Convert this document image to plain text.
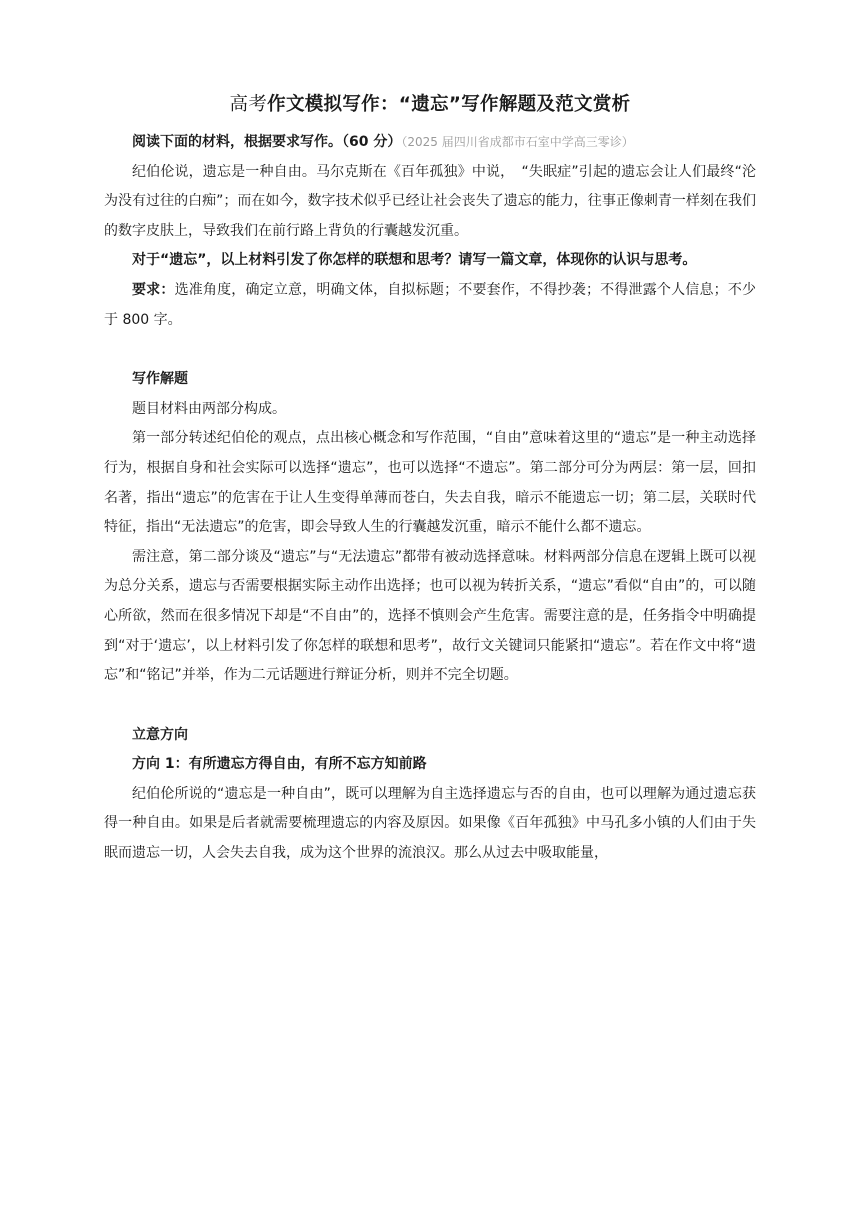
高考作文模拟写作：“遗忘”写作解题及范文赏析

阅读下面的材料，根据要求写作。（60 分）（2025 届四川省成都市石室中学高三零诊）

纪伯伦说，遗忘是一种自由。马尔克斯在《百年孤独》中说，　“失眠症”引起的遗忘会让人们最终“沦为没有过往的白痴”；而在如今，数字技术似乎已经让社会丧失了遗忘的能力，往事正像刺青一样刻在我们的数字皮肤上，导致我们在前行路上背负的行囊越发沉重。

对于“遗忘”，以上材料引发了你怎样的联想和思考？请写一篇文章，体现你的认识与思考。

要求：选准角度，确定立意，明确文体，自拟标题；不要套作，不得抄袭；不得泄露个人信息；不少于 800 字。

写作解题

题目材料由两部分构成。

第一部分转述纪伯伦的观点，点出核心概念和写作范围，“自由”意味着这里的“遗忘”是一种主动选择行为，根据自身和社会实际可以选择“遗忘”，也可以选择“不遗忘”。第二部分可分为两层：第一层，回扣名著，指出“遗忘”的危害在于让人生变得单薄而苍白，失去自我，暗示不能遗忘一切；第二层，关联时代特征，指出“无法遗忘”的危害，即会导致人生的行囊越发沉重，暗示不能什么都不遗忘。

需注意，第二部分谈及“遗忘”与“无法遗忘”都带有被动选择意味。材料两部分信息在逻辑上既可以视为总分关系，遗忘与否需要根据实际主动作出选择；也可以视为转折关系，“遗忘”看似“自由”的，可以随心所欲，然而在很多情况下却是“不自由”的，选择不慎则会产生危害。需要注意的是，任务指令中明确提到“对于‘遗忘’，以上材料引发了你怎样的联想和思考”，故行文关键词只能紧扣“遗忘”。若在作文中将“遗忘”和“铭记”并举，作为二元话题进行辩证分析，则并不完全切题。

立意方向

方向 1：有所遗忘方得自由，有所不忘方知前路

纪伯伦所说的“遗忘是一种自由”，既可以理解为自主选择遗忘与否的自由，也可以理解为通过遗忘获得一种自由。如果是后者就需要梳理遗忘的内容及原因。如果像《百年孤独》中马孔多小镇的人们由于失眠而遗忘一切，人会失去自我，成为这个世界的流浪汉。那么从过去中吸取能量，
